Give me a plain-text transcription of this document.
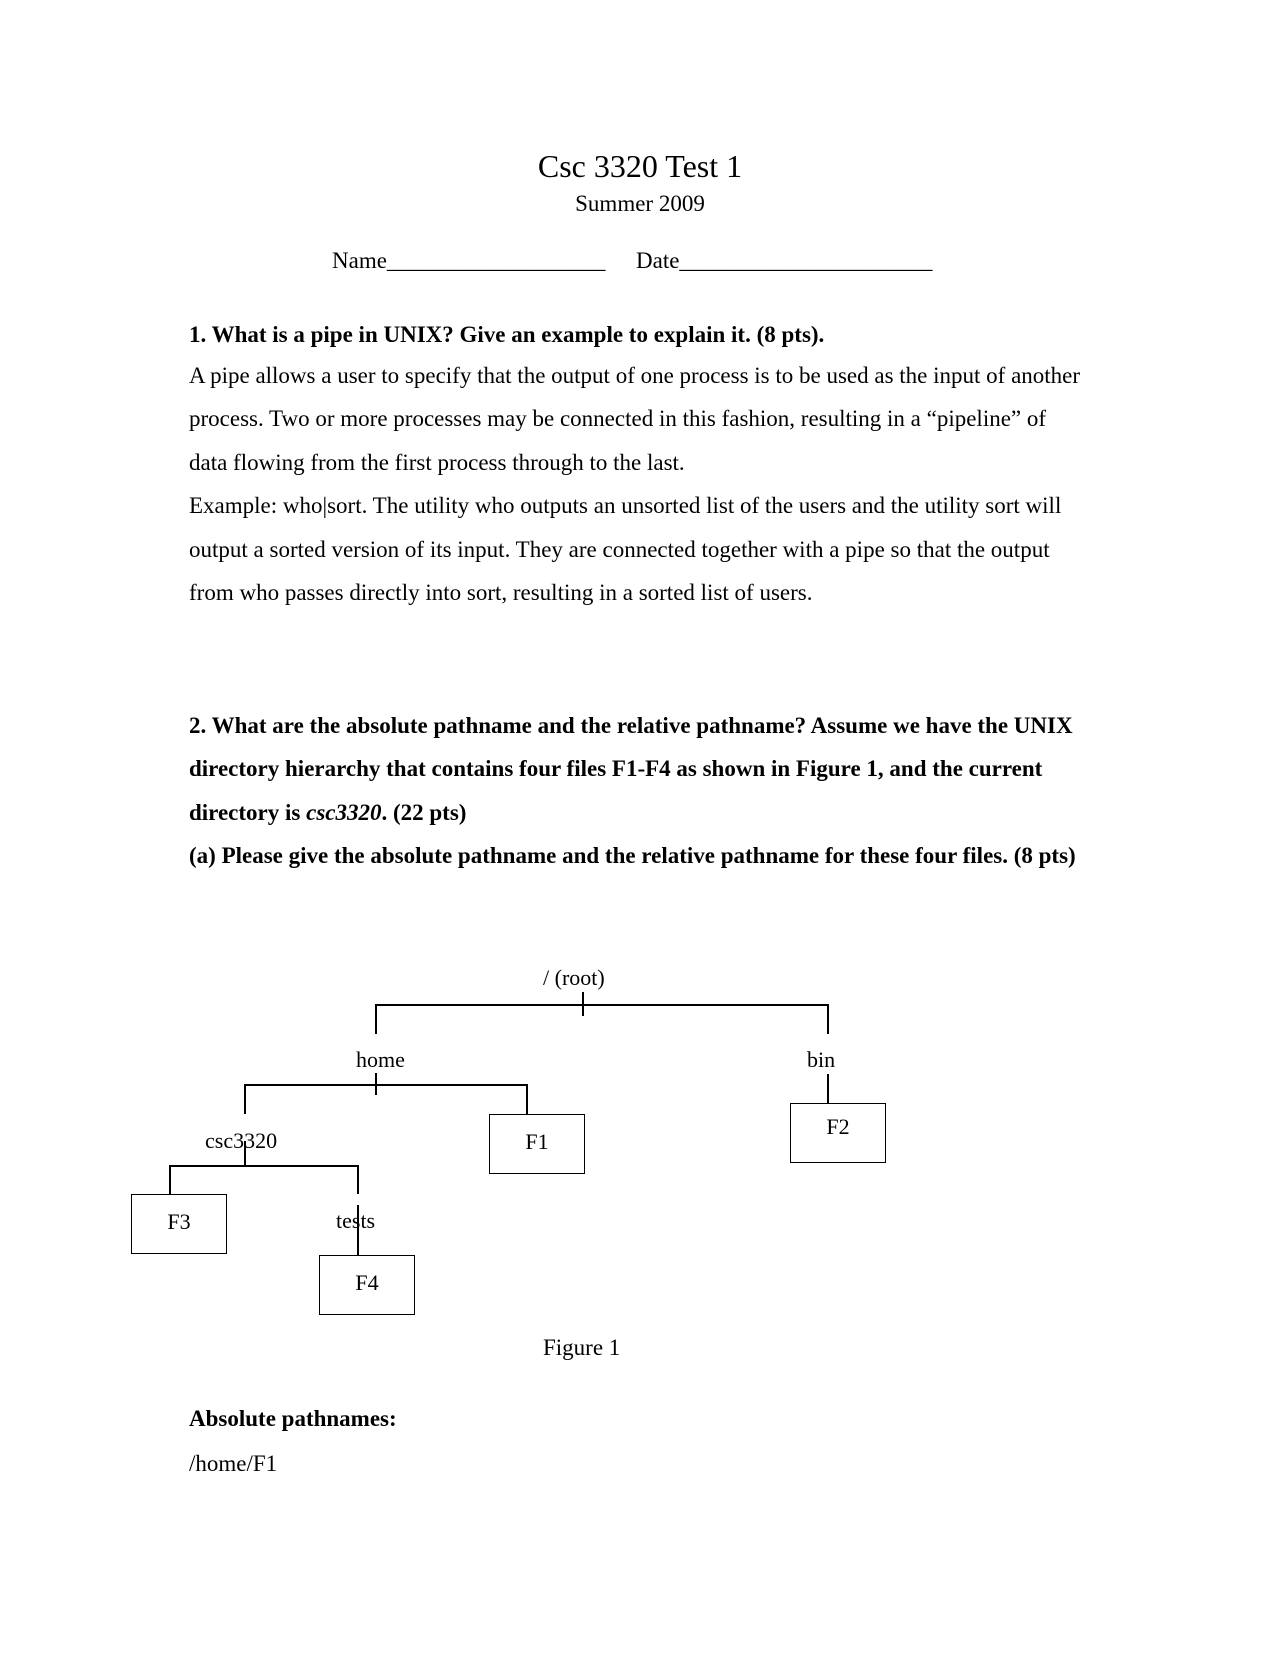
Csc 3320 Test 1
Summer 2009
Name___________________ Date______________________
1. What is a pipe in UNIX? Give an example to explain it. (8 pts).

A pipe allows a user to specify that the output of one process is to be used as the input of another process. Two or more processes may be connected in this fashion, resulting in a “pipeline” of data flowing from the first process through to the last.

Example: who|sort. The utility who outputs an unsorted list of the users and the utility sort will output a sorted version of its input. They are connected together with a pipe so that the output from who passes directly into sort, resulting in a sorted list of users.

2. What are the absolute pathname and the relative pathname? Assume we have the UNIX directory hierarchy that contains four files F1-F4 as shown in Figure 1, and the current directory is csc3320. (22 pts)
(a) Please give the absolute pathname and the relative pathname for these four files. (8 pts)
/ (root)
home	bin
csc3320
tests
F1
F2
F3
F4
Figure 1
Absolute pathnames:
/home/F1
